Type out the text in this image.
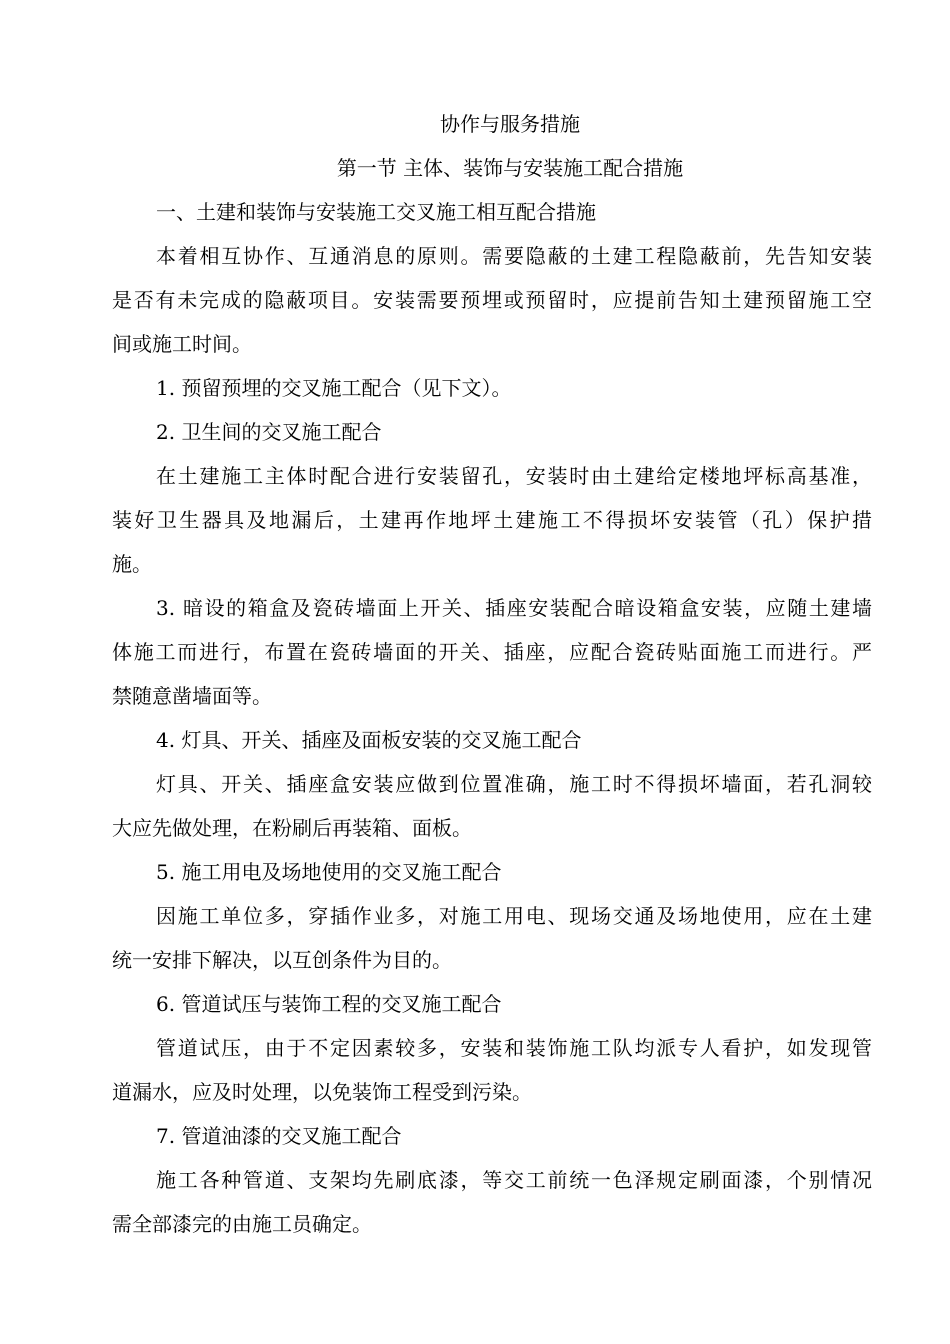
协作与服务措施
第一节 主体、装饰与安装施工配合措施
一、土建和装饰与安装施工交叉施工相互配合措施
本着相互协作、互通消息的原则。需要隐蔽的土建工程隐蔽前，先告知安装
是否有未完成的隐蔽项目。安装需要预埋或预留时，应提前告知土建预留施工空
间或施工时间。
1. 预留预埋的交叉施工配合（见下文）。
2. 卫生间的交叉施工配合
在土建施工主体时配合进行安装留孔，安装时由土建给定楼地坪标高基准，
装好卫生器具及地漏后，土建再作地坪土建施工不得损坏安装管（孔）保护措
施。
3. 暗设的箱盒及瓷砖墙面上开关、插座安装配合暗设箱盒安装，应随土建墙
体施工而进行，布置在瓷砖墙面的开关、插座，应配合瓷砖贴面施工而进行。严
禁随意凿墙面等。
4. 灯具、开关、插座及面板安装的交叉施工配合
灯具、开关、插座盒安装应做到位置准确，施工时不得损坏墙面，若孔洞较
大应先做处理，在粉刷后再装箱、面板。
5. 施工用电及场地使用的交叉施工配合
因施工单位多，穿插作业多，对施工用电、现场交通及场地使用，应在土建
统一安排下解决，以互创条件为目的。
6. 管道试压与装饰工程的交叉施工配合
管道试压，由于不定因素较多，安装和装饰施工队均派专人看护，如发现管
道漏水，应及时处理，以免装饰工程受到污染。
7. 管道油漆的交叉施工配合
施工各种管道、支架均先刷底漆，等交工前统一色泽规定刷面漆，个别情况
需全部漆完的由施工员确定。
